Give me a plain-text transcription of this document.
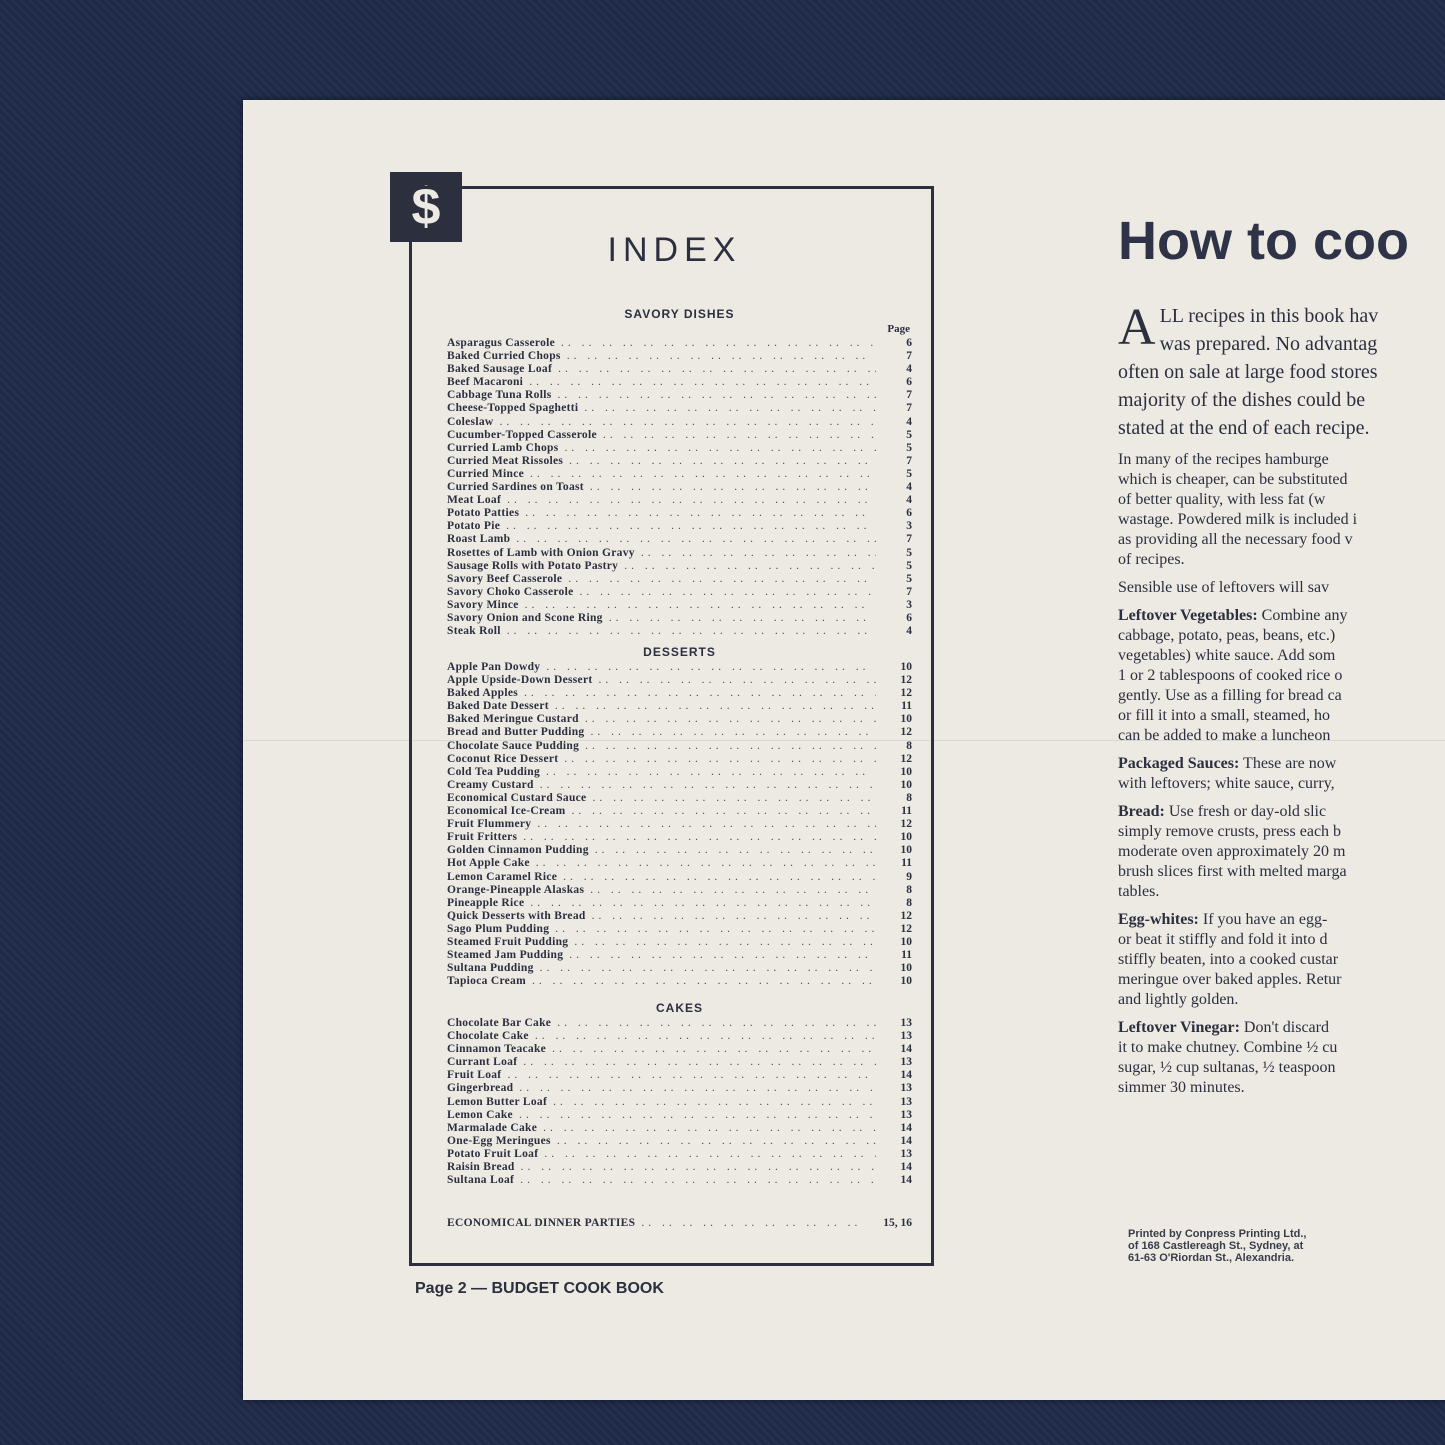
$
INDEX
SAVORY DISHES
Page
Asparagus Casserole .. ..	6
Baked Curried Chops .. ..	7
Baked Sausage Loaf .. ..	4
Beef Macaroni .. ..	6
Cabbage Tuna Rolls .. ..	7
Cheese-Topped Spaghetti .. ..	7
Coleslaw .. ..	4
Cucumber-Topped Casserole .. ..	5
Curried Lamb Chops .. ..	5
Curried Meat Rissoles .. ..	7
Curried Mince .. ..	5
Curried Sardines on Toast .. ..	4
Meat Loaf .. ..	4
Potato Patties .. ..	6
Potato Pie .. ..	3
Roast Lamb .. ..	7
Rosettes of Lamb with Onion Gravy .. ..	5
Sausage Rolls with Potato Pastry .. ..	5
Savory Beef Casserole .. ..	5
Savory Choko Casserole .. ..	7
Savory Mince .. ..	3
Savory Onion and Scone Ring .. ..	6
Steak Roll .. ..	4
DESSERTS
Apple Pan Dowdy .. ..	10
Apple Upside-Down Dessert .. ..	12
Baked Apples .. ..	12
Baked Date Dessert .. ..	11
Baked Meringue Custard .. ..	10
Bread and Butter Pudding .. ..	12
Chocolate Sauce Pudding .. ..	8
Coconut Rice Dessert .. ..	12
Cold Tea Pudding .. ..	10
Creamy Custard .. ..	10
Economical Custard Sauce .. ..	8
Economical Ice-Cream .. ..	11
Fruit Flummery .. ..	12
Fruit Fritters .. ..	10
Golden Cinnamon Pudding .. ..	10
Hot Apple Cake .. ..	11
Lemon Caramel Rice .. ..	9
Orange-Pineapple Alaskas .. ..	8
Pineapple Rice .. ..	8
Quick Desserts with Bread .. ..	12
Sago Plum Pudding .. ..	12
Steamed Fruit Pudding .. ..	10
Steamed Jam Pudding .. ..	11
Sultana Pudding .. ..	10
Tapioca Cream .. ..	10
CAKES
Chocolate Bar Cake .. ..	13
Chocolate Cake .. ..	13
Cinnamon Teacake .. ..	14
Currant Loaf .. ..	13
Fruit Loaf .. ..	14
Gingerbread .. ..	13
Lemon Butter Loaf .. ..	13
Lemon Cake .. ..	13
Marmalade Cake .. ..	14
One-Egg Meringues .. ..	14
Potato Fruit Loaf .. ..	13
Raisin Bread .. ..	14
Sultana Loaf .. ..	14
ECONOMICAL DINNER PARTIES .. ..	15, 16
Page 2 — BUDGET COOK BOOK
How to coo
A LL recipes in this book hav
was prepared. No advantag
often on sale at large food stores
majority of the dishes could be
stated at the end of each recipe.
In many of the recipes hamburge
which is cheaper, can be substituted
of better quality, with less fat (w
wastage. Powdered milk is included i
as providing all the necessary food v
of recipes.
Sensible use of leftovers will sav
Leftover Vegetables: Combine any
cabbage, potato, peas, beans, etc.)
vegetables) white sauce. Add som
1 or 2 tablespoons of cooked rice o
gently. Use as a filling for bread ca
or fill it into a small, steamed, ho
can be added to make a luncheon
Packaged Sauces: These are now
with leftovers; white sauce, curry,
Bread: Use fresh or day-old slic
simply remove crusts, press each b
moderate oven approximately 20 m
brush slices first with melted marga
tables.
Egg-whites: If you have an egg-
or beat it stiffly and fold it into d
stiffly beaten, into a cooked custar
meringue over baked apples. Retur
and lightly golden.
Leftover Vinegar: Don't discard
it to make chutney. Combine ½ cu
sugar, ½ cup sultanas, ½ teaspoon
simmer 30 minutes.
Printed by Conpress Printing Ltd.,
of 168 Castlereagh St., Sydney, at
61-63 O'Riordan St., Alexandria.
